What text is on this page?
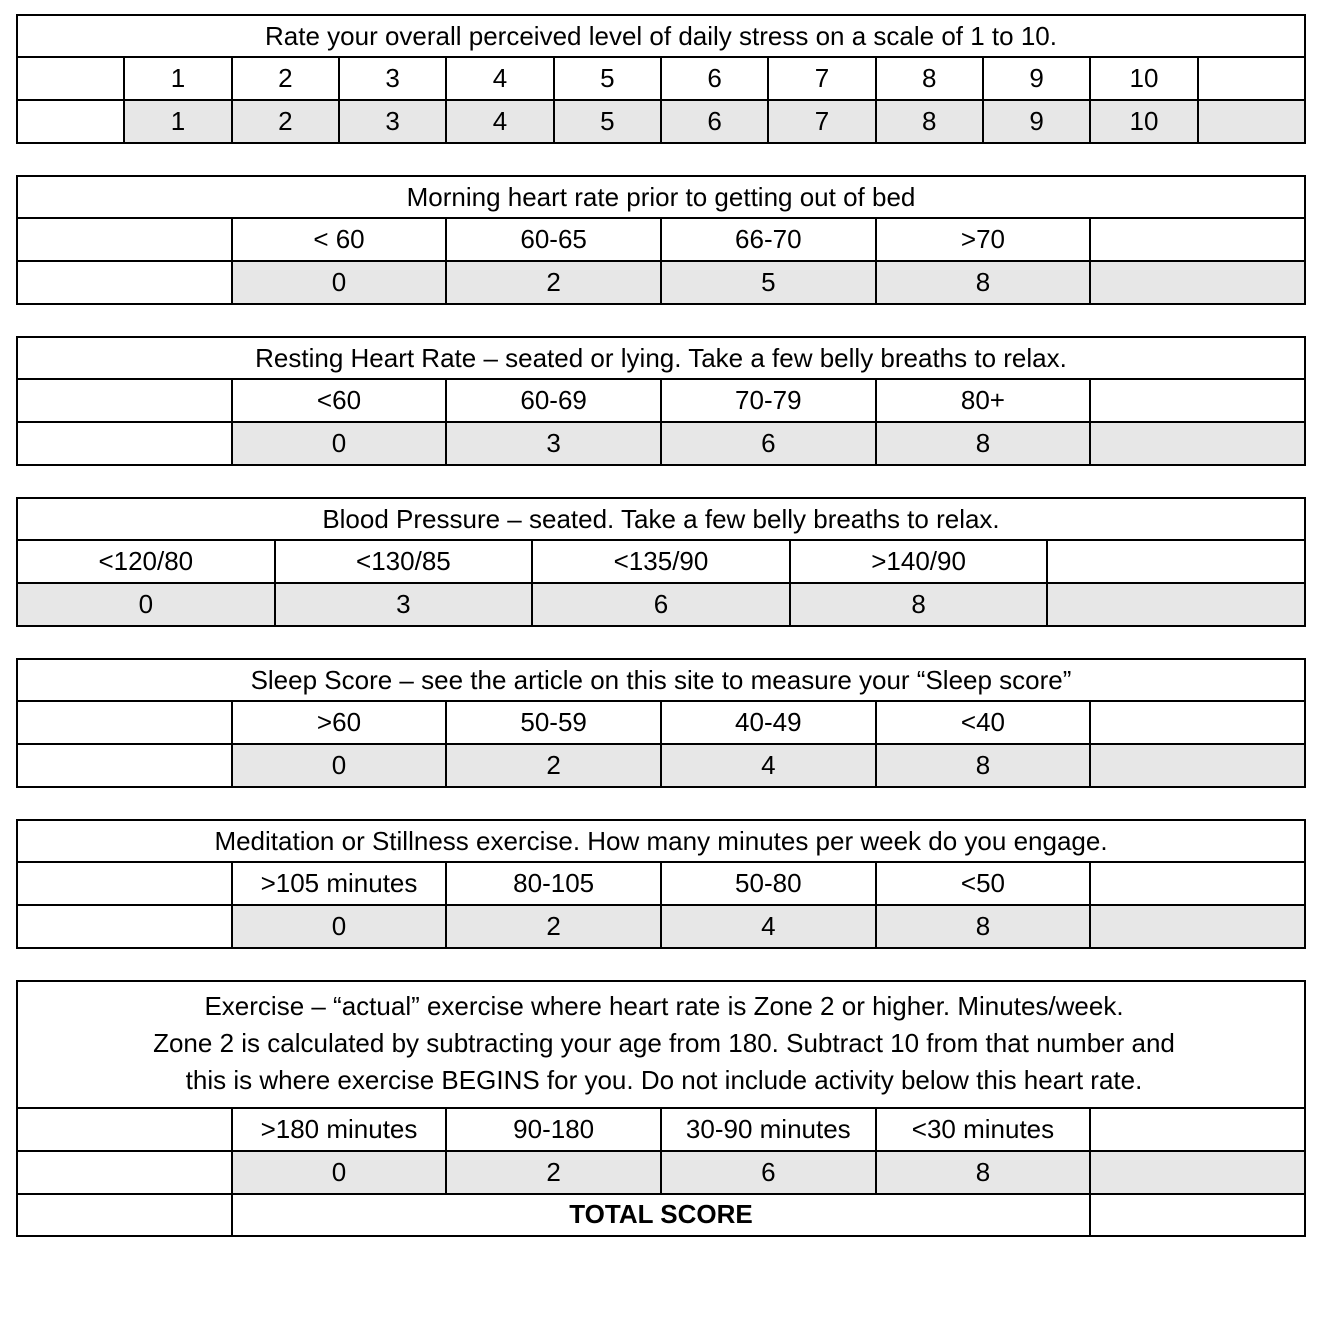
Rate your overall perceived level of daily stress on a scale of 1 to 10.											
	1	2	3	4	5	6	7	8	9	10	
	1	2	3	4	5	6	7	8	9	10	
Morning heart rate prior to getting out of bed					
	< 60	60-65	66-70	>70	
	0	2	5	8	
Resting Heart Rate – seated or lying. Take a few belly breaths to relax.					
	<60	60-69	70-79	80+	
	0	3	6	8	
Blood Pressure – seated. Take a few belly breaths to relax.				
<120/80	<130/85	<135/90	>140/90	
0	3	6	8	
Sleep Score – see the article on this site to measure your “Sleep score”					
	>60	50-59	40-49	<40	
	0	2	4	8	
Meditation or Stillness exercise. How many minutes per week do you engage.					
	>105 minutes	80-105	50-80	<50	
	0	2	4	8	
Exercise – “actual” exercise where heart rate is Zone 2 or higher. Minutes/week.
Zone 2 is calculated by subtracting your age from 180. Subtract 10 from that number and
this is where exercise BEGINS for you. Do not include activity below this heart rate.					

	>180 minutes	90-180	30-90 minutes	<30 minutes	
	0	2	6	8	
	TOTAL SCORE				
